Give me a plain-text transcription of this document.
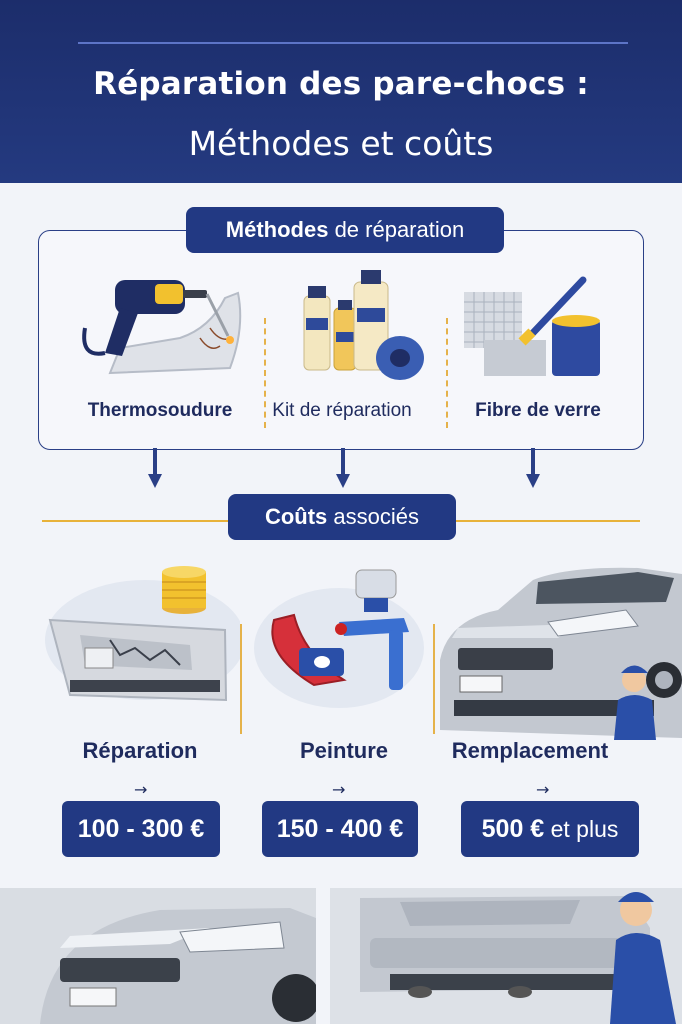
Réparation des pare-chocs :
Méthodes et coûts
Méthodes de réparation
Thermosoudure	Kit de réparation	Fibre de verre
Coûts associés
Réparation
→
100 - 300 €
Peinture
→
150 - 400 €
Remplacement
→
500 € et plus
